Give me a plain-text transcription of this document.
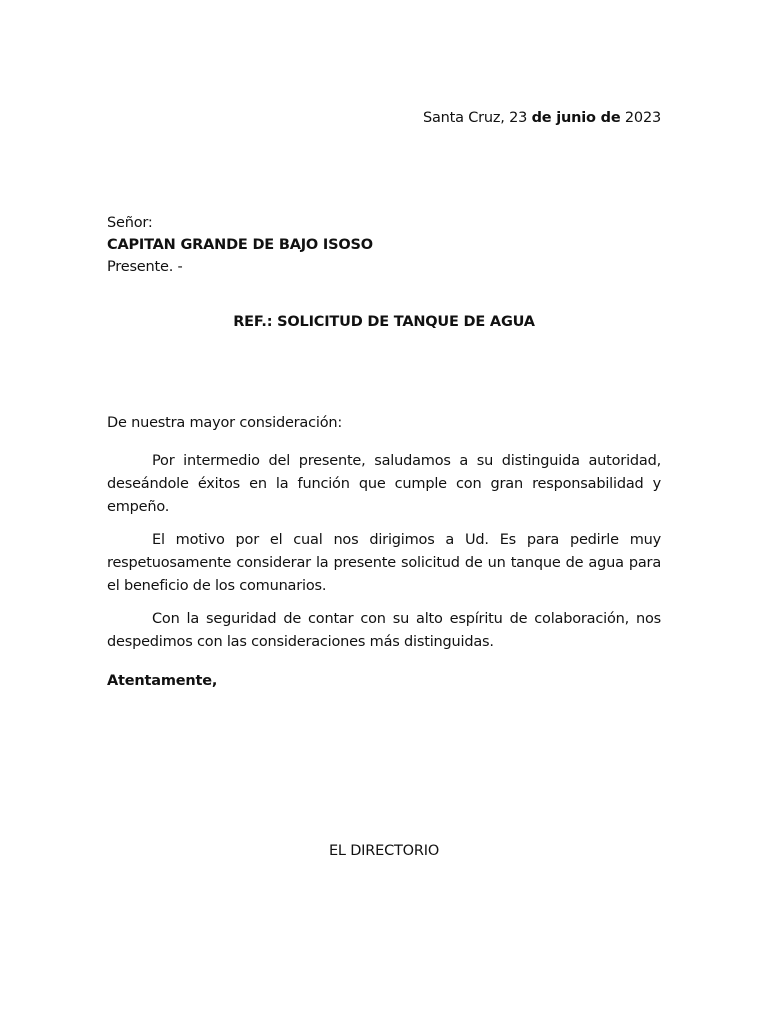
Santa Cruz, 23 de junio de 2023
Señor:
CAPITAN GRANDE DE BAJO ISOSO
Presente. -
REF.: SOLICITUD DE TANQUE DE AGUA
De nuestra mayor consideración:

Por intermedio del presente, saludamos a su distinguida autoridad, deseándole éxitos en la función que cumple con gran responsabilidad y empeño.

El motivo por el cual nos dirigimos a Ud. Es para pedirle muy respetuosamente considerar la presente solicitud de un tanque de agua para el beneficio de los comunarios.

Con la seguridad de contar con su alto espíritu de colaboración, nos despedimos con las consideraciones más distinguidas.

Atentamente,
EL DIRECTORIO
